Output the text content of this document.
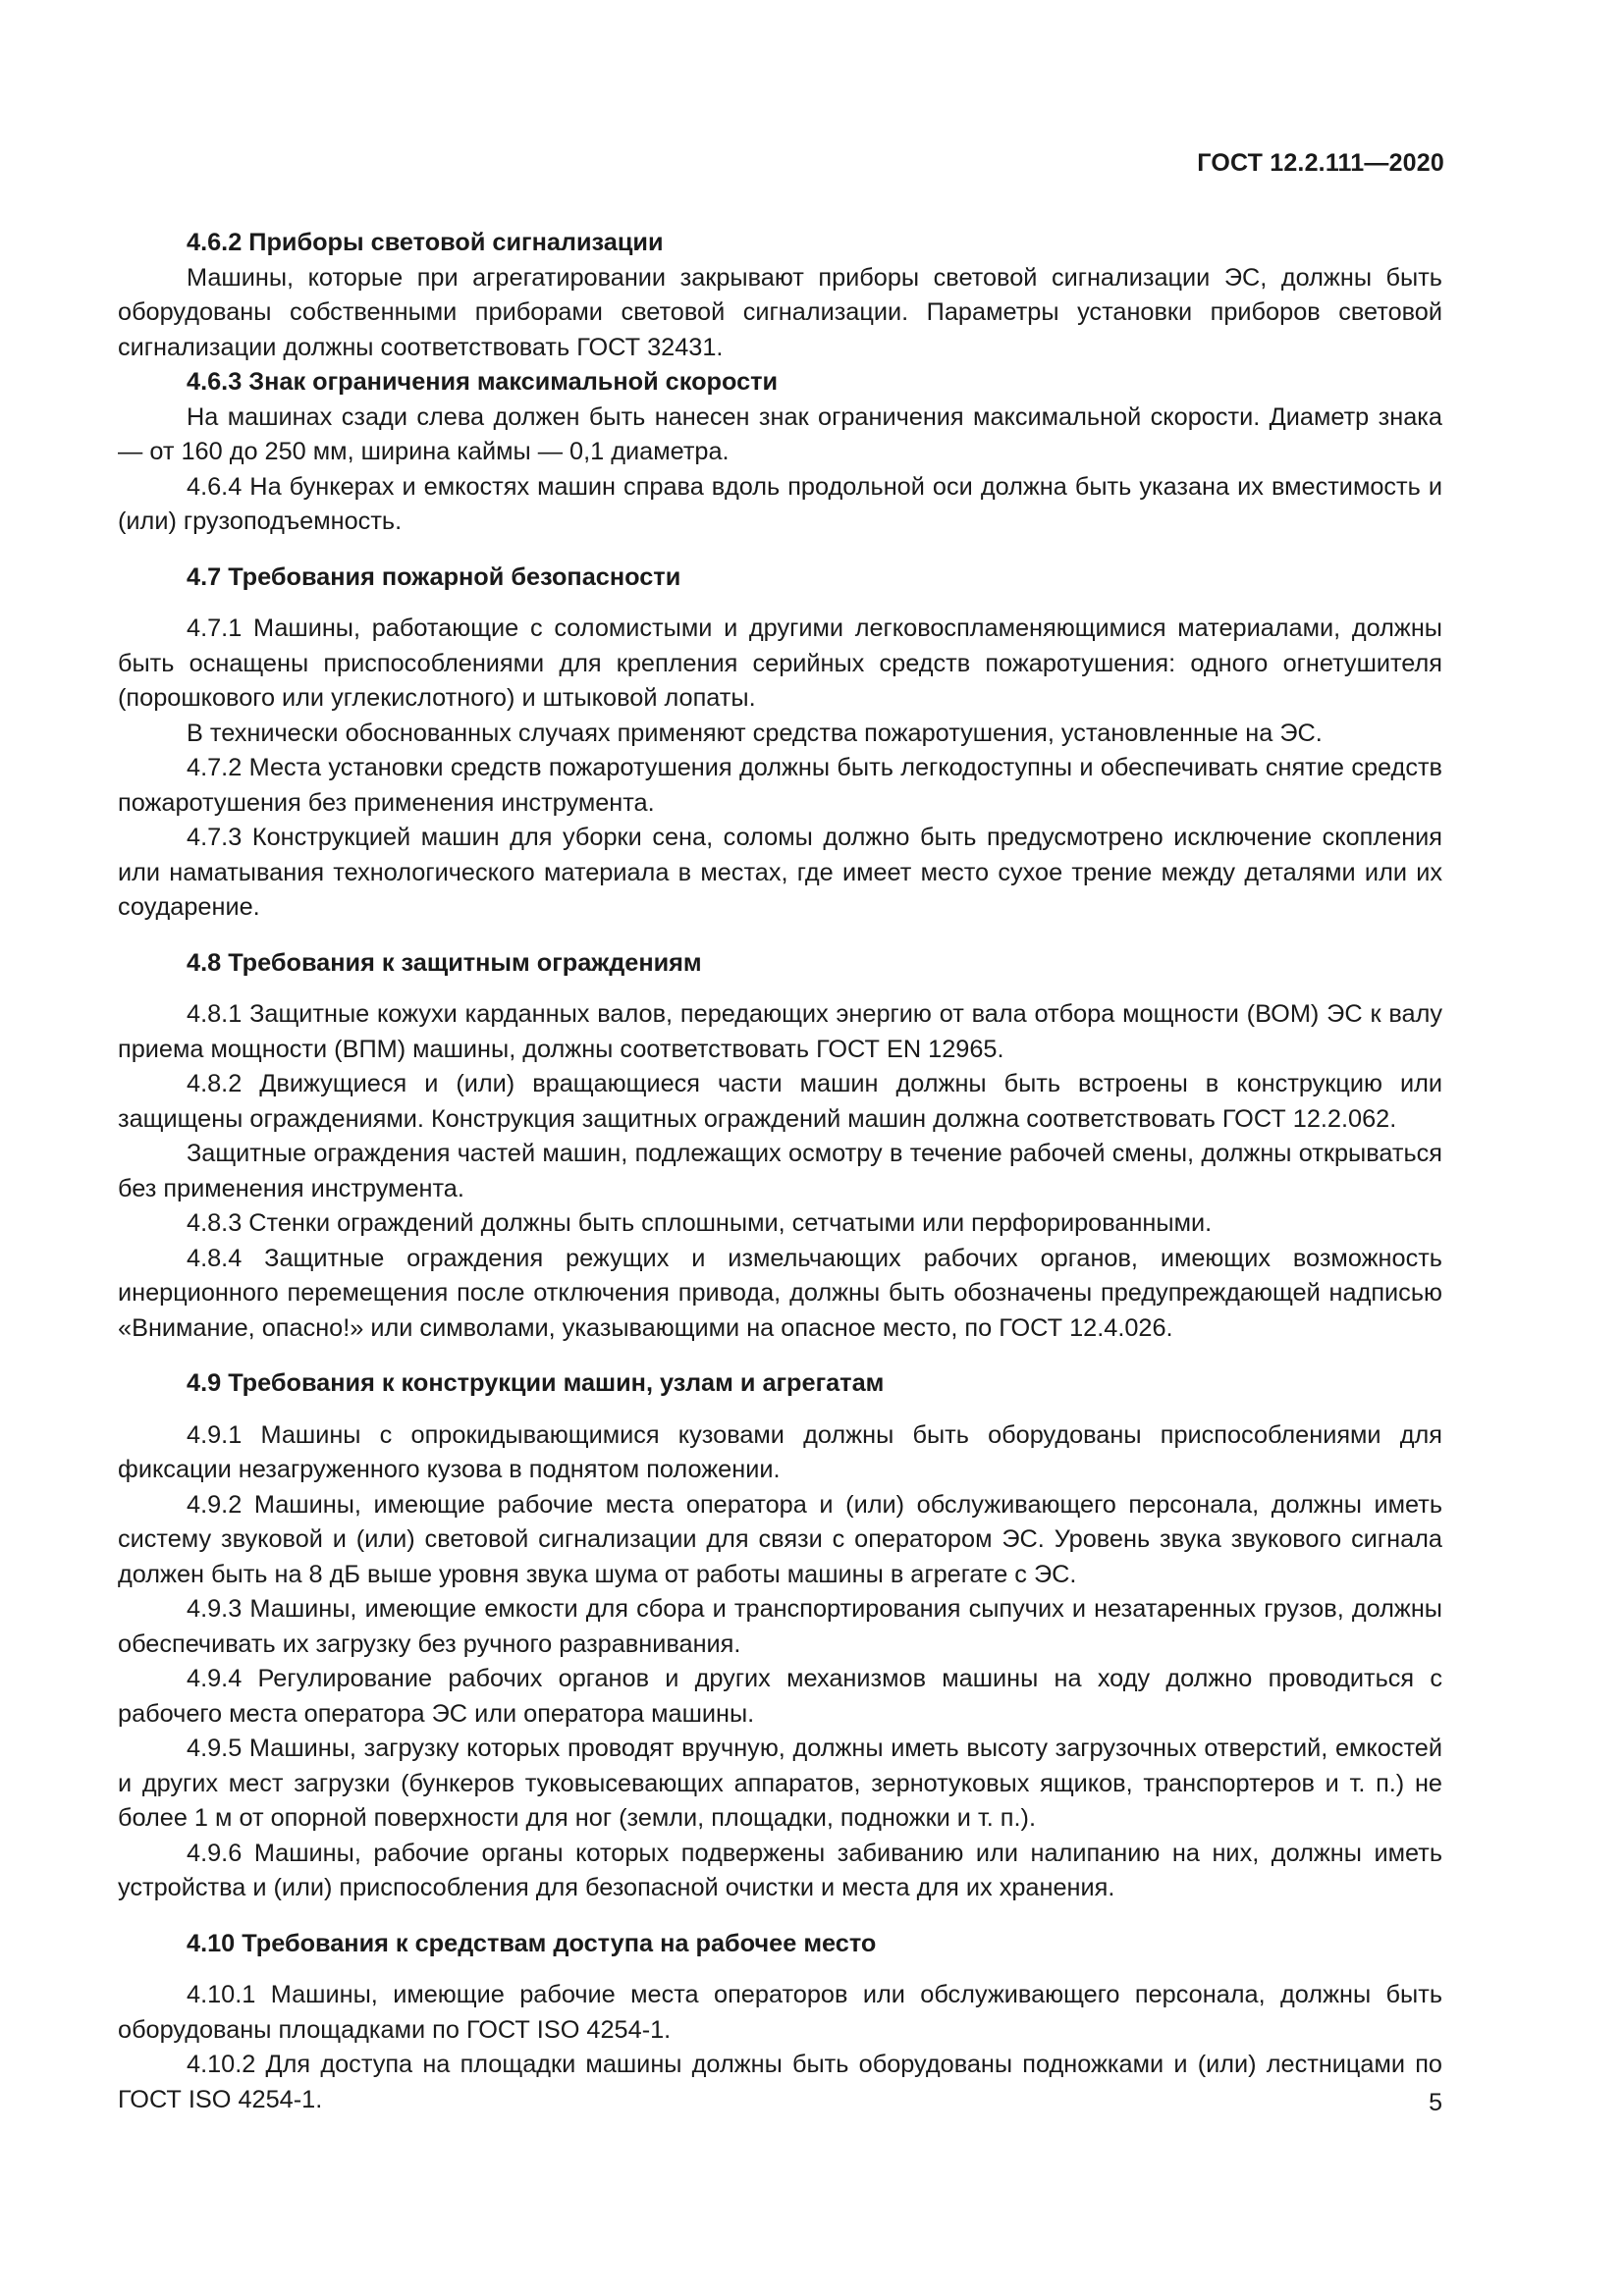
ГОСТ 12.2.111—2020

4.6.2 Приборы световой сигнализации

Машины, которые при агрегатировании закрывают приборы световой сигнализации ЭС, должны быть оборудованы собственными приборами световой сигнализации. Параметры установки приборов световой сигнализации должны соответствовать ГОСТ 32431.

4.6.3 Знак ограничения максимальной скорости

На машинах сзади слева должен быть нанесен знак ограничения максимальной скорости. Диаметр знака — от 160 до 250 мм, ширина каймы — 0,1 диаметра.

4.6.4 На бункерах и емкостях машин справа вдоль продольной оси должна быть указана их вместимость и (или) грузоподъемность.

4.7 Требования пожарной безопасности

4.7.1 Машины, работающие с соломистыми и другими легковоспламеняющимися материалами, должны быть оснащены приспособлениями для крепления серийных средств пожаротушения: одного огнетушителя (порошкового или углекислотного) и штыковой лопаты.

В технически обоснованных случаях применяют средства пожаротушения, установленные на ЭС.

4.7.2 Места установки средств пожаротушения должны быть легкодоступны и обеспечивать снятие средств пожаротушения без применения инструмента.

4.7.3 Конструкцией машин для уборки сена, соломы должно быть предусмотрено исключение скопления или наматывания технологического материала в местах, где имеет место сухое трение между деталями или их соударение.

4.8 Требования к защитным ограждениям

4.8.1 Защитные кожухи карданных валов, передающих энергию от вала отбора мощности (ВОМ) ЭС к валу приема мощности (ВПМ) машины, должны соответствовать ГОСТ EN 12965.

4.8.2 Движущиеся и (или) вращающиеся части машин должны быть встроены в конструкцию или защищены ограждениями. Конструкция защитных ограждений машин должна соответствовать ГОСТ 12.2.062.

Защитные ограждения частей машин, подлежащих осмотру в течение рабочей смены, должны открываться без применения инструмента.

4.8.3 Стенки ограждений должны быть сплошными, сетчатыми или перфорированными.

4.8.4 Защитные ограждения режущих и измельчающих рабочих органов, имеющих возможность инерционного перемещения после отключения привода, должны быть обозначены предупреждающей надписью «Внимание, опасно!» или символами, указывающими на опасное место, по ГОСТ 12.4.026.

4.9 Требования к конструкции машин, узлам и агрегатам

4.9.1 Машины с опрокидывающимися кузовами должны быть оборудованы приспособлениями для фиксации незагруженного кузова в поднятом положении.

4.9.2 Машины, имеющие рабочие места оператора и (или) обслуживающего персонала, должны иметь систему звуковой и (или) световой сигнализации для связи с оператором ЭС. Уровень звука звукового сигнала должен быть на 8 дБ выше уровня звука шума от работы машины в агрегате с ЭС.

4.9.3 Машины, имеющие емкости для сбора и транспортирования сыпучих и незатаренных грузов, должны обеспечивать их загрузку без ручного разравнивания.

4.9.4 Регулирование рабочих органов и других механизмов машины на ходу должно проводиться с рабочего места оператора ЭС или оператора машины.

4.9.5 Машины, загрузку которых проводят вручную, должны иметь высоту загрузочных отверстий, емкостей и других мест загрузки (бункеров туковысевающих аппаратов, зернотуковых ящиков, транспортеров и т. п.) не более 1 м от опорной поверхности для ног (земли, площадки, подножки и т. п.).

4.9.6 Машины, рабочие органы которых подвержены забиванию или налипанию на них, должны иметь устройства и (или) приспособления для безопасной очистки и места для их хранения.

4.10 Требования к средствам доступа на рабочее место

4.10.1 Машины, имеющие рабочие места операторов или обслуживающего персонала, должны быть оборудованы площадками по ГОСТ ISO 4254-1.

4.10.2 Для доступа на площадки машины должны быть оборудованы подножками и (или) лестницами по ГОСТ ISO 4254-1.	5
